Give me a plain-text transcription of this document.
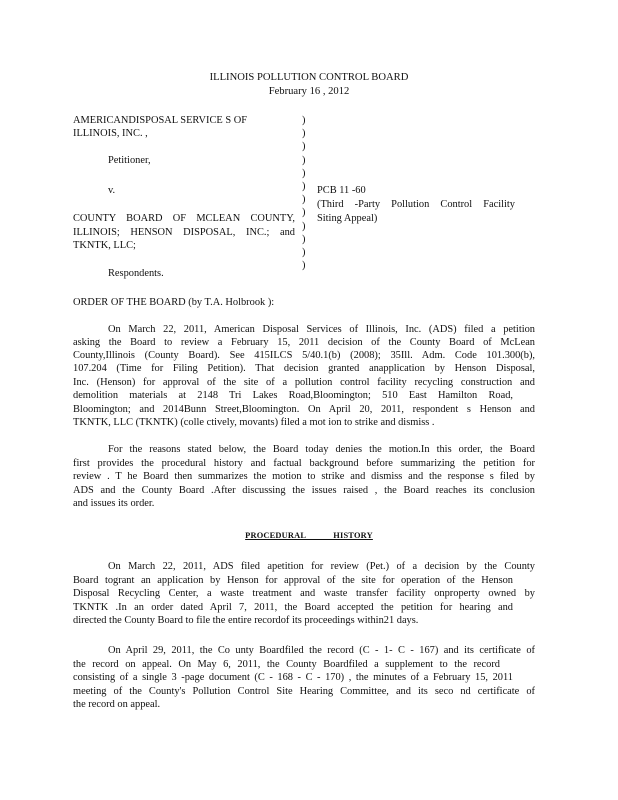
ILLINOIS POLLUTION CONTROL BOARD
February 16 , 2012
AMERICANDISPOSAL SERVICE S OF
ILLINOIS, INC. ,
Petitioner,
v.
COUNTY BOARD OF MCLEAN COUNTY,
ILLINOIS; HENSON DISPOSAL, INC.; and
TKNTK, LLC;
Respondents.
)
)
)
)
)
)
)
)
)
)
)
)
PCB 11 -60
(Third -Party Pollution Control Facility
Siting Appeal)
ORDER OF THE BOARD (by T.A. Holbrook ):
On March 22, 2011, American Disposal Services of Illinois, Inc. (ADS) filed a petition
asking the Board to review a February 15, 2011 decision of the County Board of McLean
County,Illinois (County Board). See 415ILCS 5/40.1(b) (2008); 35Ill. Adm. Code 101.300(b),
107.204 (Time for Filing Petition). That decision granted anapplication by Henson Disposal,
Inc. (Henson) for approval of the site of a pollution control facility recycling construction and
demolition materials at 2148 Tri Lakes Road,Bloomington; 510 East Hamilton Road,
Bloomington; and 2014Bunn Street,Bloomington. On April 20, 2011, respondent s Henson and
TKNTK, LLC (TKNTK) (colle ctively, movants) filed a mot ion to strike and dismiss .
For the reasons stated below, the Board today denies the motion.In this order, the Board
first provides the procedural history and factual background before summarizing the petition for
review . T he Board then summarizes the motion to strike and dismiss and the response s filed by
ADS and the County Board .After discussing the issues raised , the Board reaches its conclusion
and issues its order.
PROCEDURAL            HISTORY
On March 22, 2011, ADS filed apetition for review (Pet.) of a decision by the County
Board togrant an application by Henson for approval of the site for operation of the Henson
Disposal Recycling Center, a waste treatment and waste transfer facility onproperty owned by
TKNTK .In an order dated April 7, 2011, the Board accepted the petition for hearing and
directed the County Board to file the entire recordof its proceedings within21 days.
On April 29, 2011, the Co unty Boardfiled the record (C - 1- C - 167) and its certificate of
the record on appeal. On May 6, 2011, the County Boardfiled a supplement to the record
consisting of a single 3 -page document (C - 168 - C - 170) , the minutes of a February 15, 2011
meeting of the County's Pollution Control Site Hearing Committee, and its seco nd certificate of
the record on appeal.
